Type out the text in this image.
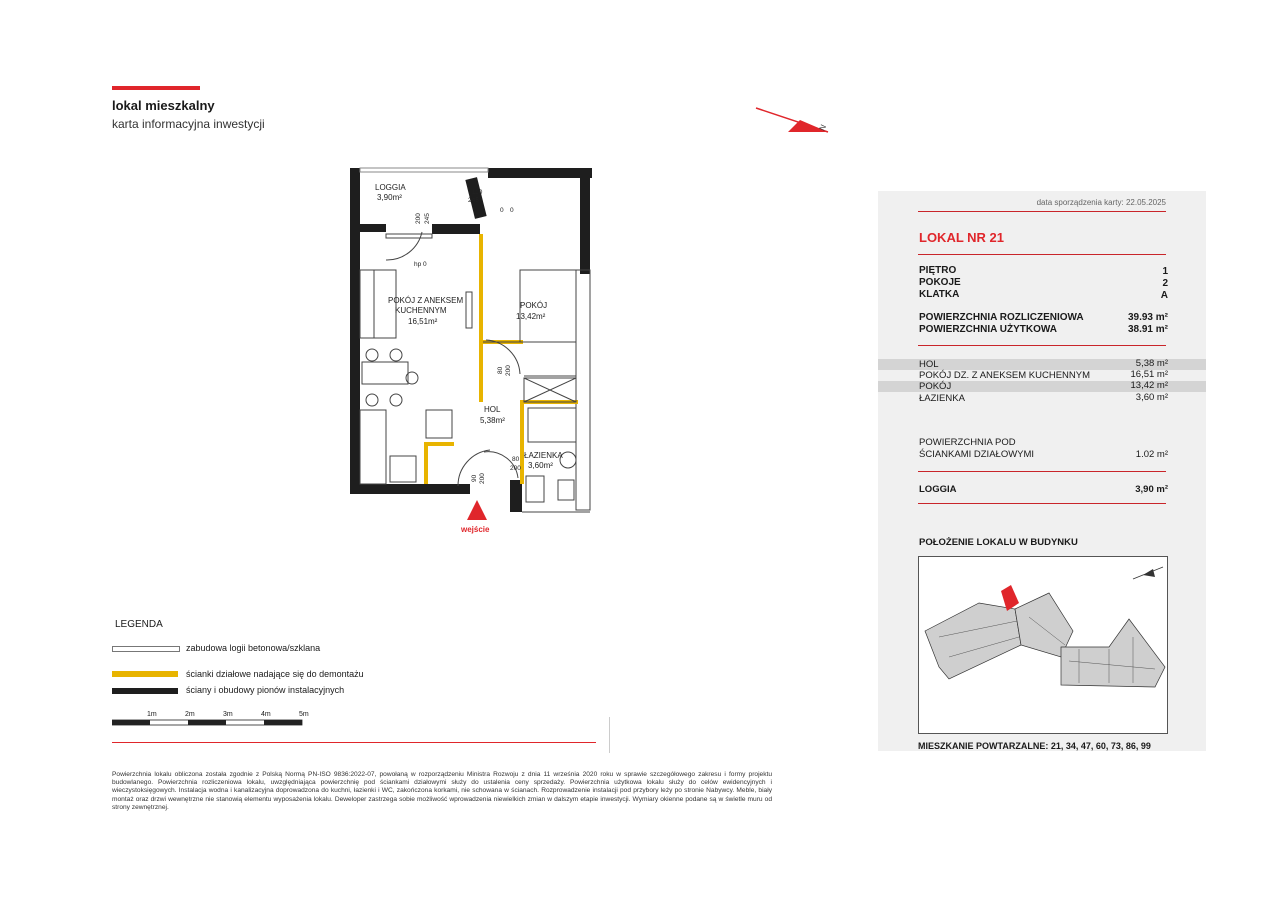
lokal mieszkalny
karta informacyjna inwestycji	N
LOGGIA
3,90m²
POKÓJ Z ANEKSEM
KUCHENNYM
16,51m²
POKÓJ
13,42m²
HOL
5,38m²
ŁAZIENKA
3,60m²
110
245
0 0
200 245
hp 0
80 200
80
200
90 200
wejście
data sporządzenia karty: 22.05.2025
LOKAL NR 21
PIĘTRO	1
POKOJE	2
KLATKA	A
POWIERZCHNIA ROZLICZENIOWA	39.93 m²
POWIERZCHNIA UŻYTKOWA	38.91 m²
HOL	5,38 m²
POKÓJ DZ. Z ANEKSEM KUCHENNYM	16,51 m²
POKÓJ	13,42 m²
ŁAZIENKA	3,60 m²
POWIERZCHNIA POD
ŚCIANKAMI DZIAŁOWYMI	1.02 m²
LOGGIA	3,90 m²
POŁOŻENIE LOKALU W BUDYNKU
MIESZKANIE POWTARZALNE: 21, 34, 47, 60, 73, 86, 99
LEGENDA
zabudowa logii betonowa/szklana
ścianki działowe nadające się do demontażu
ściany i obudowy pionów instalacyjnych
1m	2m	3m	4m	5m
Powierzchnia lokalu obliczona została zgodnie z Polską Normą PN-ISO 9836:2022-07, powołaną w rozporządzeniu Ministra Rozwoju z dnia 11 września 2020 roku w sprawie szczegółowego zakresu i formy projektu budowlanego. Powierzchnia rozliczeniowa lokalu, uwzględniająca powierzchnię pod ściankami działowymi służy do ustalenia ceny sprzedaży. Powierzchnia użytkowa lokalu służy do celów ewidencyjnych i wieczystoksięgowych. Instalacja wodna i kanalizacyjna doprowadzona do kuchni, łazienki i WC, zakończona korkami, nie schowana w ścianach. Rozprowadzenie instalacji pod przybory leży po stronie Nabywcy. Meble, biały montaż oraz drzwi wewnętrzne nie stanowią elementu wyposażenia lokalu. Deweloper zastrzega sobie możliwość wprowadzenia niewielkich zmian w dalszym etapie inwestycji. Wymiary okienne podane są w świetle muru od strony zewnętrznej.
